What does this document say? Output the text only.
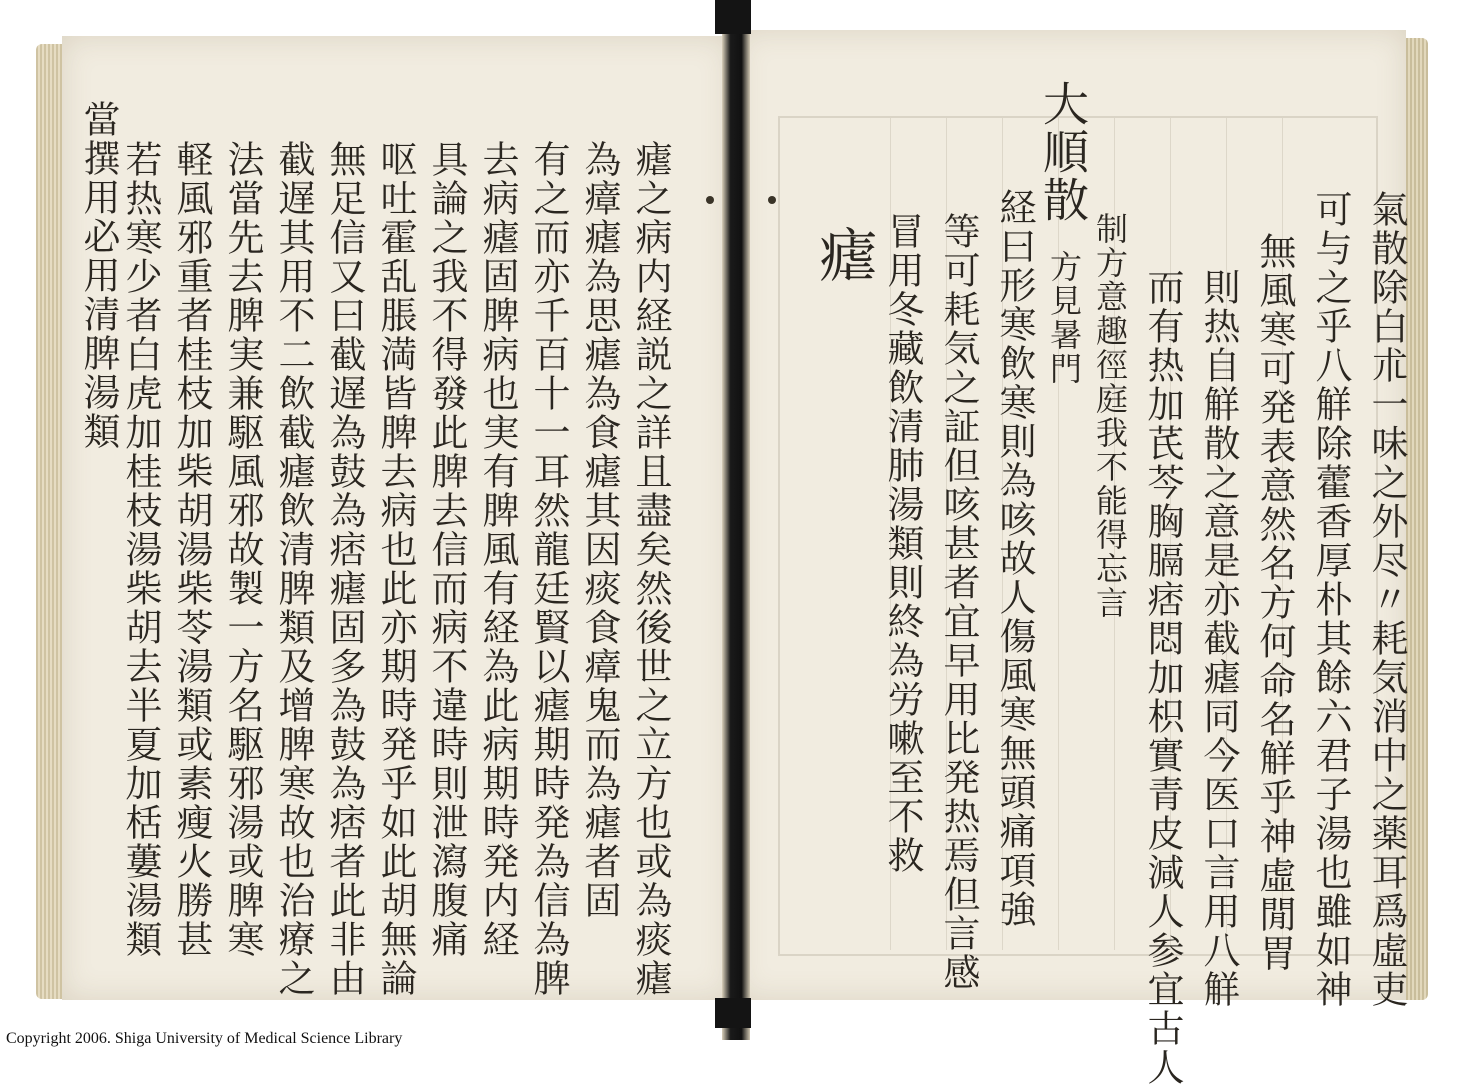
氣散除白朮一味之外尽〃耗気消中之薬耳爲虛吏
可与之乎八觧除藿香厚朴其餘六君子湯也雖如神
無風寒可発表意然名方何命名觧乎神虛閒胃
則热自觧散之意是亦截瘧同今医口言用八觧
而有热加芪芩胸膈痞悶加枳實青皮減人参宜古人
制方意趣徑庭我不能得忘言
方見暑門
大順散
経曰形寒飲寒則為咳故人傷風寒無頭痛項強
等可耗気之証但咳甚者宜早用比発热焉但言感
冒用冬藏飲清肺湯類則終為労嗽至不救
瘧
瘧之病内経説之詳且盡矣然後世之立方也或為痰瘧
為瘴瘧為思瘧為食瘧其因痰食瘴鬼而為瘧者固
有之而亦千百十一耳然龍廷賢以瘧期時発為信為脾
去病瘧固脾病也実有脾風有経為此病期時発内経
具論之我不得發此脾去信而病不違時則泄瀉腹痛
呕吐霍乱脹満皆脾去病也此亦期時発乎如此胡無論
無足信又曰截遅為鼓為痞瘧固多為鼓為痞者此非由
截遅其用不二飲截瘧飲清脾類及增脾寒故也治療之
法當先去脾実兼駆風邪故製一方名駆邪湯或脾寒
軽風邪重者桂枝加柴胡湯柴苓湯類或素瘦火勝甚
若热寒少者白虎加桂枝湯柴胡去半夏加栝蔞湯類
當撰用必用清脾湯類
Copyright 2006. Shiga University of Medical Science Library
